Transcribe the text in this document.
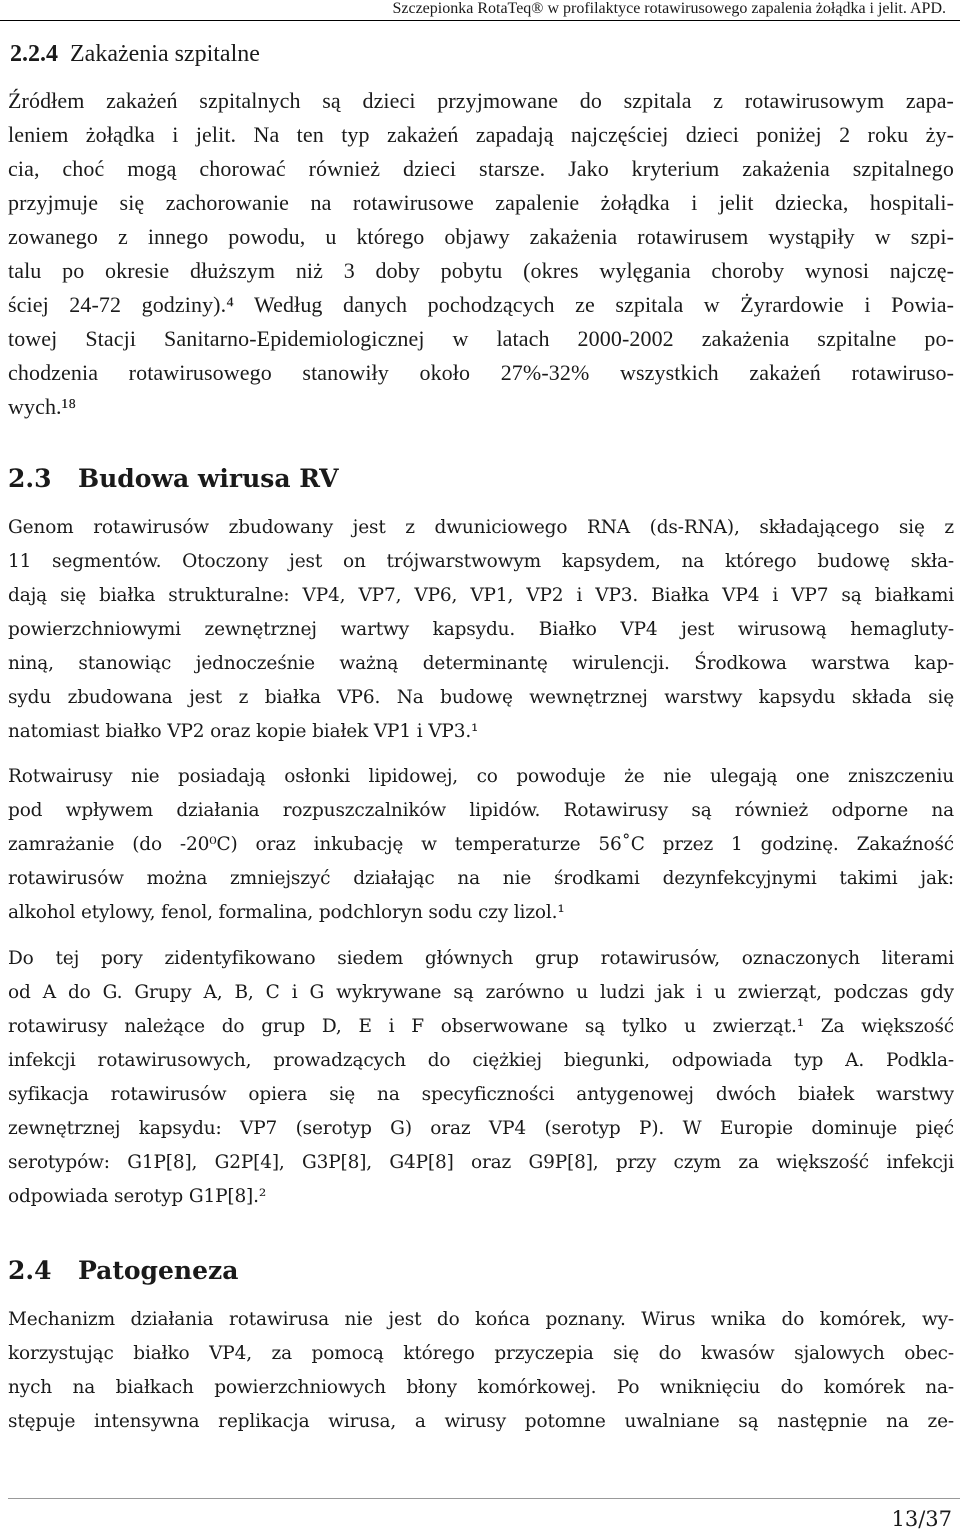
Szczepionka RotaTeq® w profilaktyce rotawirusowego zapalenia żołądka i jelit. APD.
2.2.4 Zakażenia szpitalne
Źródłem zakażeń szpitalnych są dzieci przyjmowane do szpitala z rotawirusowym zapa-
leniem żołądka i jelit. Na ten typ zakażeń zapadają najczęściej dzieci poniżej 2 roku ży-
cia, choć mogą chorować również dzieci starsze. Jako kryterium zakażenia szpitalnego
przyjmuje się zachorowanie na rotawirusowe zapalenie żołądka i jelit dziecka, hospitali-
zowanego z innego powodu, u którego objawy zakażenia rotawirusem wystąpiły w szpi-
talu po okresie dłuższym niż 3 doby pobytu (okres wylęgania choroby wynosi najczę-
ściej 24-72 godziny).⁴ Według danych pochodzących ze szpitala w Żyrardowie i Powia-
towej Stacji Sanitarno-Epidemiologicznej w latach 2000-2002 zakażenia szpitalne po-
chodzenia rotawirusowego stanowiły około 27%-32% wszystkich zakażeń rotawiruso-
wych.¹⁸
2.3 Budowa wirusa RV
Genom rotawirusów zbudowany jest z dwuniciowego RNA (ds-RNA), składającego się z
11 segmentów. Otoczony jest on trójwarstwowym kapsydem, na którego budowę skła-
dają się białka strukturalne: VP4, VP7, VP6, VP1, VP2 i VP3. Białka VP4 i VP7 są białkami
powierzchniowymi zewnętrznej wartwy kapsydu. Białko VP4 jest wirusową hemagluty-
niną, stanowiąc jednocześnie ważną determinantę wirulencji. Środkowa warstwa kap-
sydu zbudowana jest z białka VP6. Na budowę wewnętrznej warstwy kapsydu składa się
natomiast białko VP2 oraz kopie białek VP1 i VP3.¹
Rotwairusy nie posiadają osłonki lipidowej, co powoduje że nie ulegają one zniszczeniu
pod wpływem działania rozpuszczalników lipidów. Rotawirusy są również odporne na
zamrażanie (do -20⁰C) oraz inkubację w temperaturze 56˚C przez 1 godzinę. Zakaźność
rotawirusów można zmniejszyć działając na nie środkami dezynfekcyjnymi takimi jak:
alkohol etylowy, fenol, formalina, podchloryn sodu czy lizol.¹
Do tej pory zidentyfikowano siedem głównych grup rotawirusów, oznaczonych literami
od A do G. Grupy A, B, C i G wykrywane są zarówno u ludzi jak i u zwierząt, podczas gdy
rotawirusy należące do grup D, E i F obserwowane są tylko u zwierząt.¹ Za większość
infekcji rotawirusowych, prowadzących do ciężkiej biegunki, odpowiada typ A. Podkla-
syfikacja rotawirusów opiera się na specyficzności antygenowej dwóch białek warstwy
zewnętrznej kapsydu: VP7 (serotyp G) oraz VP4 (serotyp P). W Europie dominuje pięć
serotypów: G1P[8], G2P[4], G3P[8], G4P[8] oraz G9P[8], przy czym za większość infekcji
odpowiada serotyp G1P[8].²
2.4 Patogeneza
Mechanizm działania rotawirusa nie jest do końca poznany. Wirus wnika do komórek, wy-
korzystując białko VP4, za pomocą którego przyczepia się do kwasów sjalowych obec-
nych na białkach powierzchniowych błony komórkowej. Po wniknięciu do komórek na-
stępuje intensywna replikacja wirusa, a wirusy potomne uwalniane są następnie na ze-
13/37
